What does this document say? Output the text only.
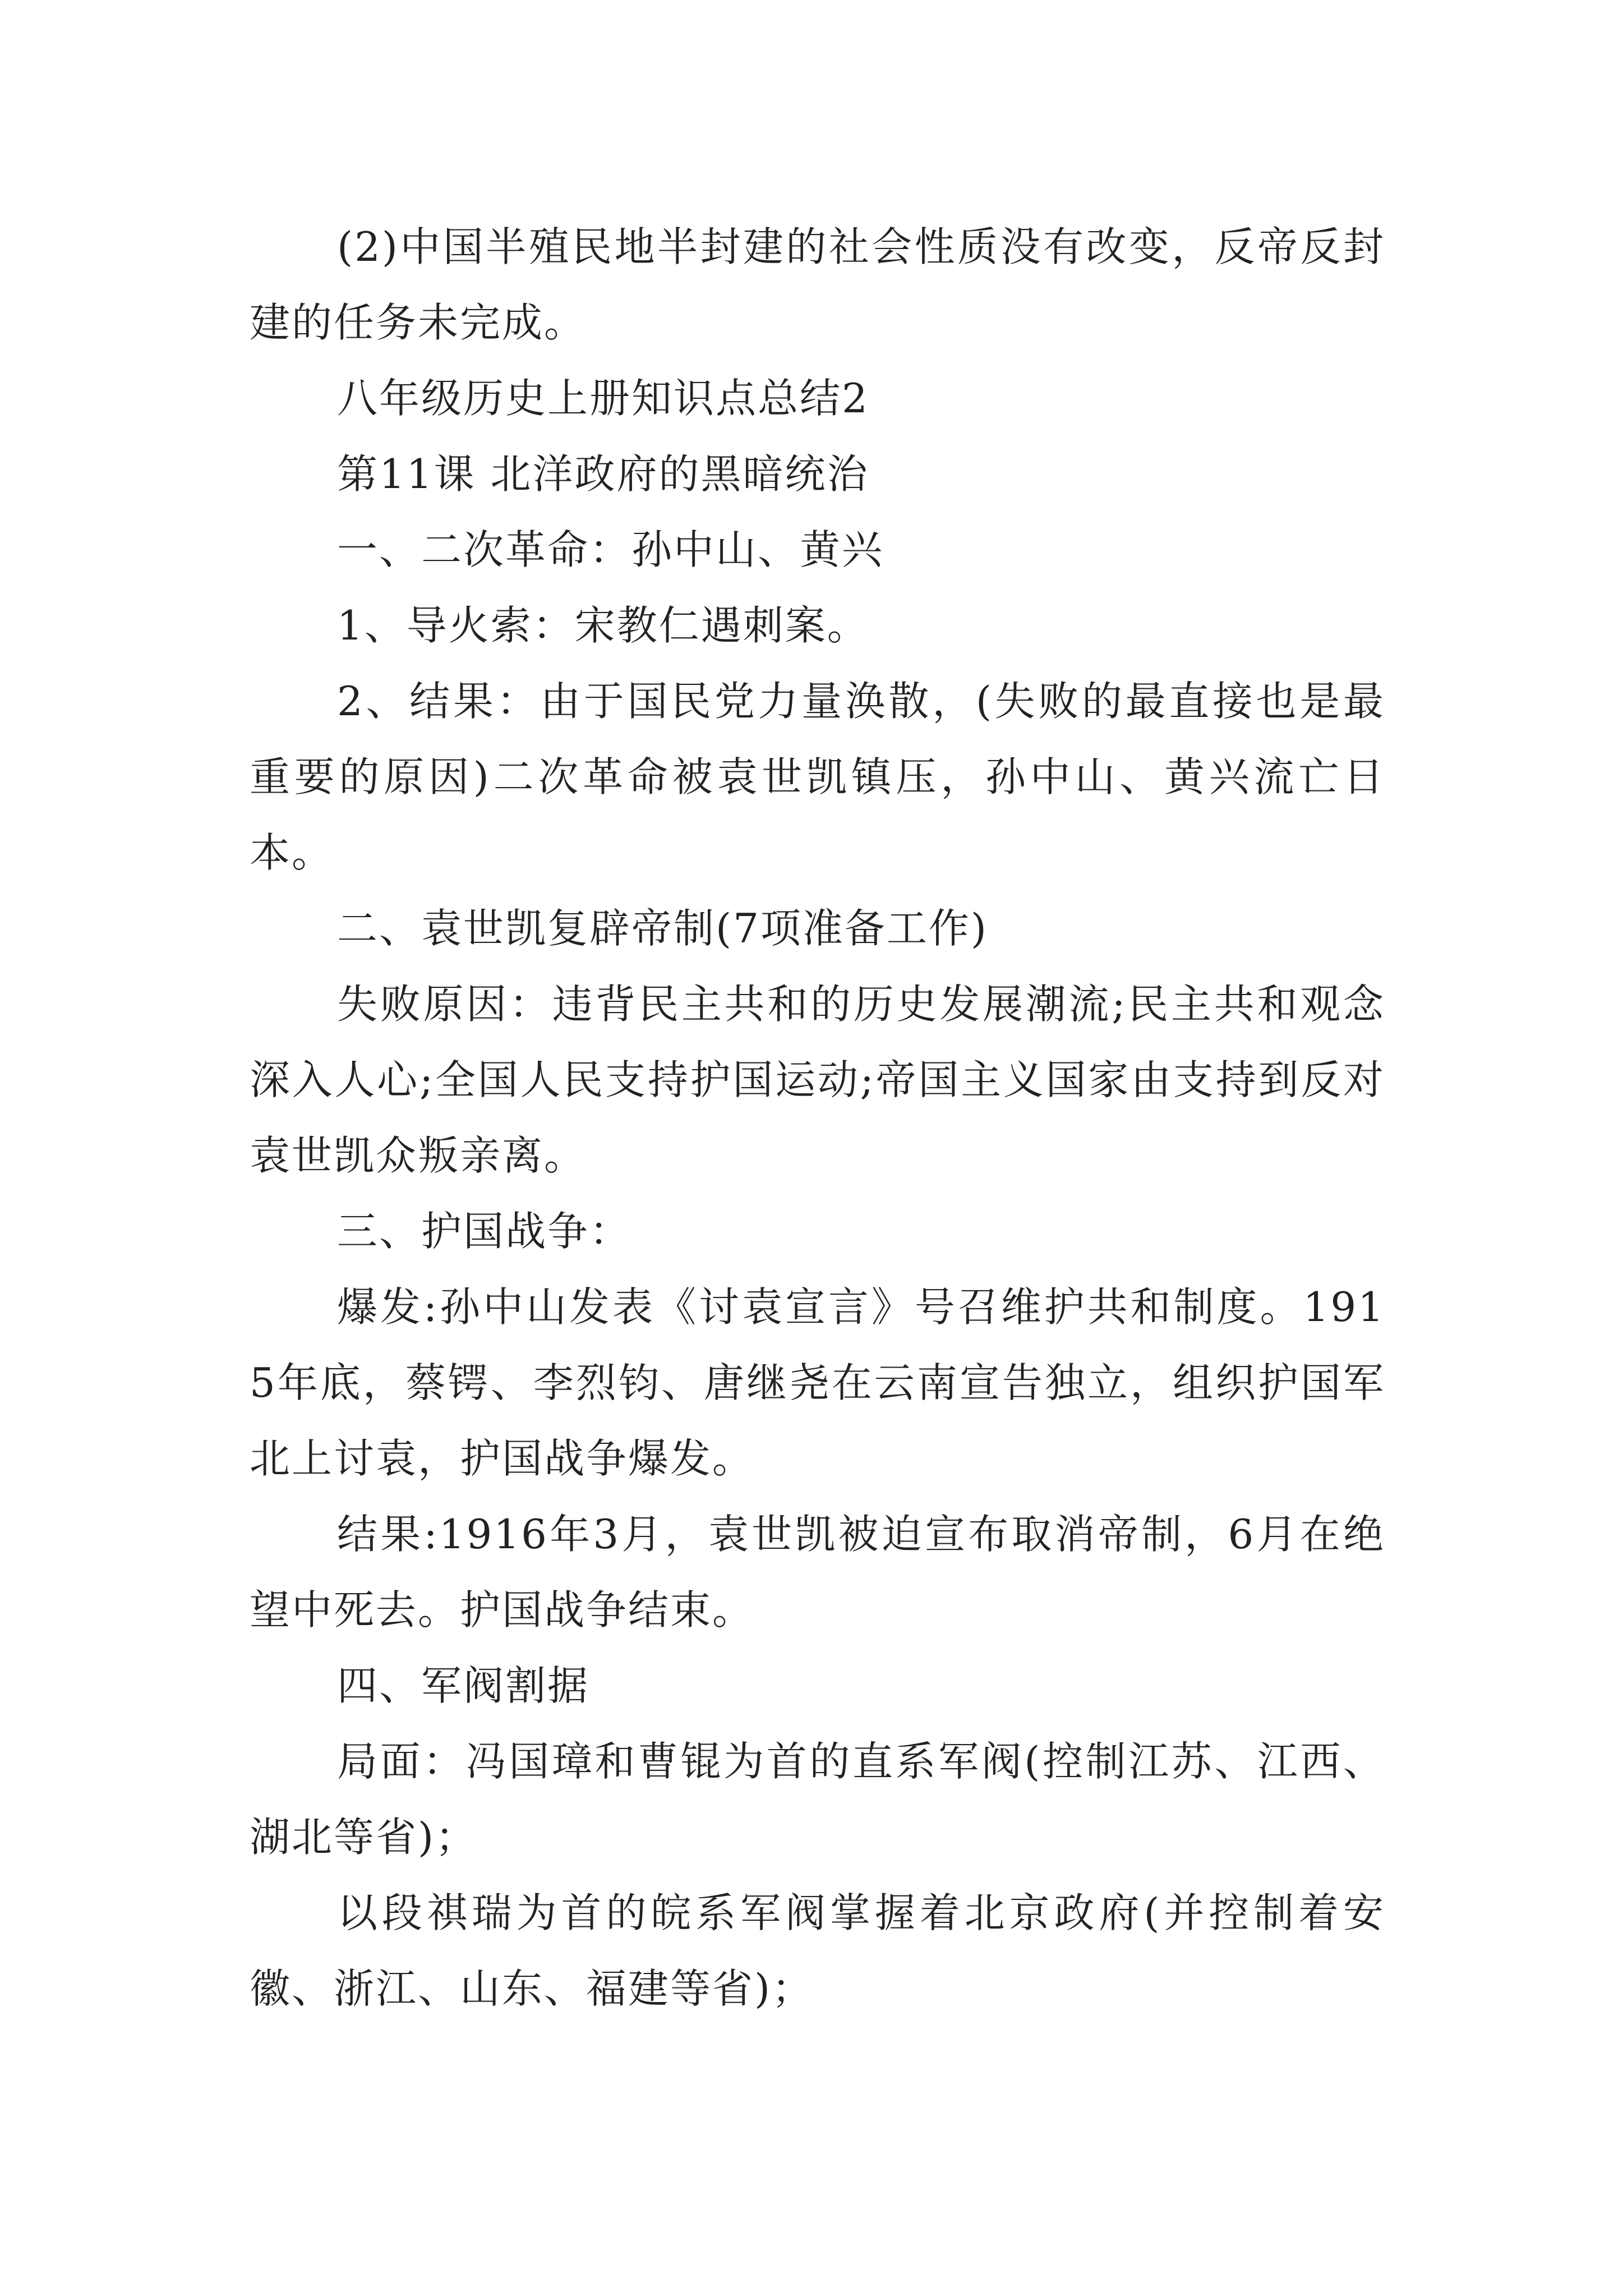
(2)中国半殖民地半封建的社会性质没有改变，反帝反封建的任务未完成。

八年级历史上册知识点总结2

第11课 北洋政府的黑暗统治

一、二次革命：孙中山、黄兴

1、导火索：宋教仁遇刺案。

2、结果：由于国民党力量涣散，(失败的最直接也是最重要的原因)二次革命被袁世凯镇压，孙中山、黄兴流亡日本。

二、袁世凯复辟帝制(7项准备工作)

失败原因：违背民主共和的历史发展潮流;民主共和观念深入人心;全国人民支持护国运动;帝国主义国家由支持到反对袁世凯众叛亲离。

三、护国战争：

爆发:孙中山发表《讨袁宣言》号召维护共和制度。1915年底，蔡锷、李烈钧、唐继尧在云南宣告独立，组织护国军北上讨袁，护国战争爆发。

结果:1916年3月，袁世凯被迫宣布取消帝制，6月在绝望中死去。护国战争结束。

四、军阀割据

局面：冯国璋和曹锟为首的直系军阀(控制江苏、江西、湖北等省)；

以段祺瑞为首的皖系军阀掌握着北京政府(并控制着安徽、浙江、山东、福建等省)；
